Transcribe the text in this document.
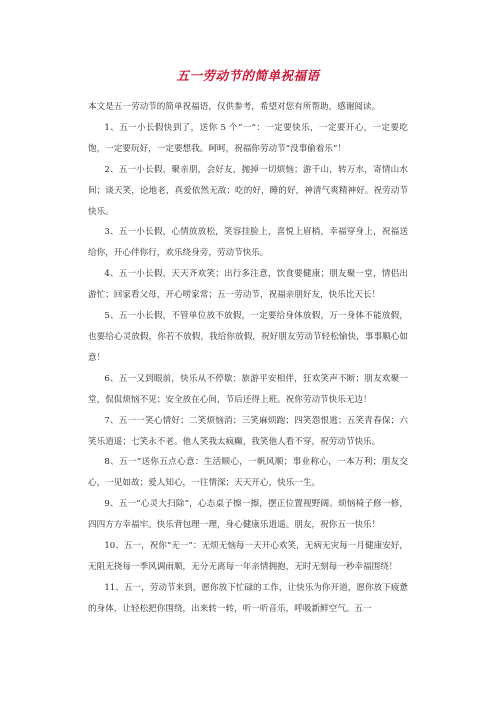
五一劳动节的简单祝福语

本文是五一劳动节的简单祝福语，仅供参考，希望对您有所帮助，感谢阅读。

1、五一小长假快到了，送你 5 个“一”：一定要快乐，一定要开心，一定要吃饱，一定要玩好，一定要想我。呵呵，祝福你劳动节“没事偷着乐”！

2、五一小长假，聚亲朋，会好友，抛掉一切烦恼；游千山，转万水，寄情山水间；谈天笑，论地老，真爱依然无敌；吃的好，睡的好，神清气爽精神好。祝劳动节快乐。

3、五一小长假，心情放放松，笑容挂脸上，喜悦上眉梢，幸福穿身上，祝福送给你，开心伴你行，欢乐绕身旁，劳动节快乐。

4、五一小长假，天天齐欢笑；出行多注意，饮食要健康；朋友聚一堂，情侣出游忙；回家看父母，开心唠家常；五一劳动节，祝福亲朋好友，快乐比天长！

5、五一小长假，不管单位放不放假，一定要给身体放假，万一身体不能放假，也要给心灵放假，你若不放假，我给你放假，祝好朋友劳动节轻松愉快，事事顺心如意！

6、五一又到眼前，快乐从不停歇：旅游平安相伴，狂欢笑声不断；朋友欢聚一堂，侃侃烦恼不见；安全放在心间，节后还得上班。祝你劳动节快乐无边！

7、五一一笑心情好；二笑烦恼消；三笑麻烦跑；四笑怨恨逃；五笑青春保；六笑乐逍遥；七笑永不老。他人笑我太疯癫，我笑他人看不穿，祝劳动节快乐。

8、五一”送你五点心意：生活顺心，一帆风顺；事业称心，一本万利；朋友交心，一见如故；爱人知心，一往情深；天天开心，快乐一生。

9、五一“心灵大扫除”，心态桌子擦一擦，摆正位置视野阔。烦恼椅子修一修，四四方方幸福牢。快乐背包理一理，身心健康乐逍遥。朋友，祝你五一快乐！

10、五一，祝你“无一”：无烦无恼每一天开心欢笑，无病无灾每一月健康安好，无阻无挠每一季风调雨顺，无分无离每一年亲情拥抱，无时无刻每一秒幸福围绕！

11、五一，劳动节来到，愿你放下忙碌的工作，让快乐为你开道，愿你放下疲惫的身体，让轻松把你围绕，出来转一转，听一听音乐，呼吸新鲜空气。五一
